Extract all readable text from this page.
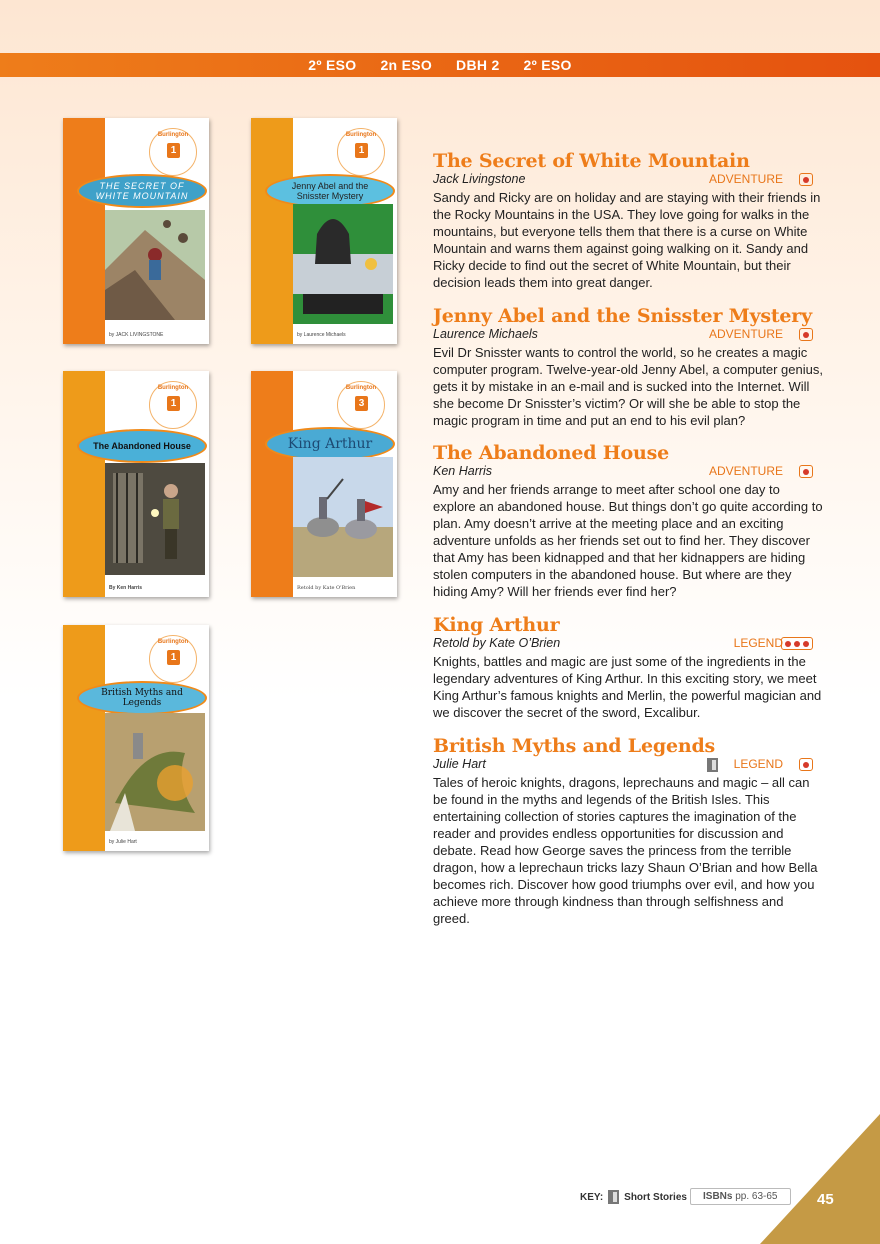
2º ESO 2n ESO DBH 2 2º ESO
Burlington
1
THE SECRET OF WHITE MOUNTAIN
by JACK LIVINGSTONE
Burlington
1
Jenny Abel and the Snisster Mystery
by Laurence Michaels
Burlington
1
The Abandoned House
By Ken Harris
Burlington
3
King Arthur
Retold by Kate O'Brien
Burlington
1
British Myths and Legends
by Julie Hart
The Secret of White Mountain
Jack Livingstone	ADVENTURE

Sandy and Ricky are on holiday and are staying with their friends in the Rocky Mountains in the USA. They love going for walks in the mountains, but everyone tells them that there is a curse on White Mountain and warns them against going walking on it. Sandy and Ricky decide to find out the secret of White Mountain, but their decision leads them into great danger.

Jenny Abel and the Snisster Mystery
Laurence Michaels	ADVENTURE

Evil Dr Snisster wants to control the world, so he creates a magic computer program. Twelve-year-old Jenny Abel, a computer genius, gets it by mistake in an e-mail and is sucked into the Internet. Will she become Dr Snisster’s victim? Or will she be able to stop the magic program in time and put an end to his evil plan?

The Abandoned House
Ken Harris	ADVENTURE

Amy and her friends arrange to meet after school one day to explore an abandoned house. But things don’t go quite according to plan. Amy doesn’t arrive at the meeting place and an exciting adventure unfolds as her friends set out to find her. They discover that Amy has been kidnapped and that her kidnappers are hiding stolen computers in the abandoned house. But where are they hiding Amy? Will her friends ever find her?

King Arthur
Retold by Kate O’Brien	LEGEND

Knights, battles and magic are just some of the ingredients in the legendary adventures of King Arthur. In this exciting story, we meet King Arthur’s famous knights and Merlin, the powerful magician and we discover the secret of the sword, Excalibur.

British Myths and Legends
Julie Hart	LEGEND

Tales of heroic knights, dragons, leprechauns and magic – all can be found in the myths and legends of the British Isles. This entertaining collection of stories captures the imagination of the reader and provides endless opportunities for discussion and debate. Read how George saves the princess from the terrible dragon, how a leprechaun tricks lazy Shaun O’Brian and how Bella becomes rich. Discover how good triumphs over evil, and how you achieve more through kindness than through selfishness and greed.

KEY: Short Stories	ISBNs pp. 63-65	45
